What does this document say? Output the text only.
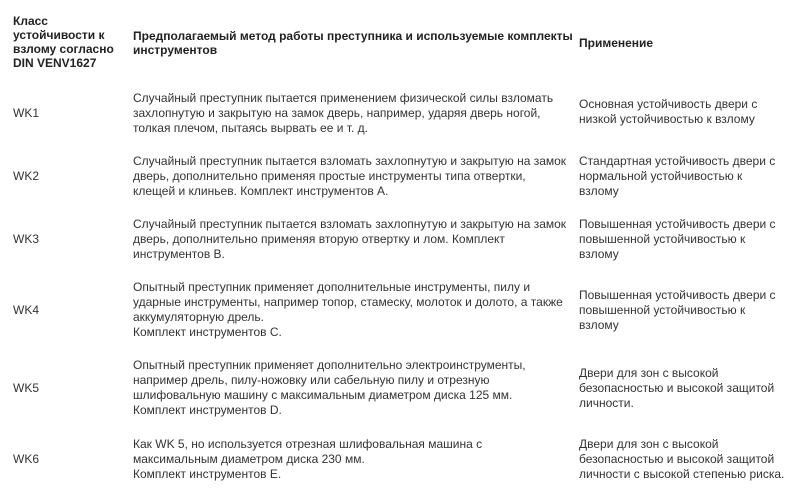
Класс
устойчивости к
взлому согласно
DIN VENV1627
Предполагаемый метод работы преступника и используемые комплекты
инструментов	Применение
WK1
Случайный преступник пытается применением физической силы взломать
захлопнутую и закрытую на замок дверь, например, ударяя дверь ногой,
толкая плечом, пытаясь вырвать ее и т. д.
Основная устойчивость двери с
низкой устойчивостью к взлому
WK2
Случайный преступник пытается взломать захлопнутую и закрытую на замок
дверь, дополнительно применяя простые инструменты типа отвертки,
клещей и клиньев. Комплект инструментов А.
Стандартная устойчивость двери с
нормальной устойчивостью к
взлому
WK3
Случайный преступник пытается взломать захлопнутую и закрытую на замок
дверь, дополнительно применяя вторую отвертку и лом. Комплект
инструментов В.
Повышенная устойчивость двери с
повышенной устойчивостью к
взлому
WK4
Опытный преступник применяет дополнительные инструменты, пилу и
ударные инструменты, например топор, стамеску, молоток и долото, а также
аккумуляторную дрель.
Комплект инструментов С.
Повышенная устойчивость двери с
повышенной устойчивостью к
взлому
WK5
Опытный преступник применяет дополнительно электроинструменты,
например дрель, пилу-ножовку или сабельную пилу и отрезную
шлифовальную машину с максимальным диаметром диска 125 мм.
Комплект инструментов D.
Двери для зон с высокой
безопасностью и высокой защитой
личности.
WK6
Как WK 5, но используется отрезная шлифовальная машина с
максимальным диаметром диска 230 мм.
Комплект инструментов Е.
Двери для зон с высокой
безопасностью и высокой защитой
личности с высокой степенью риска.
